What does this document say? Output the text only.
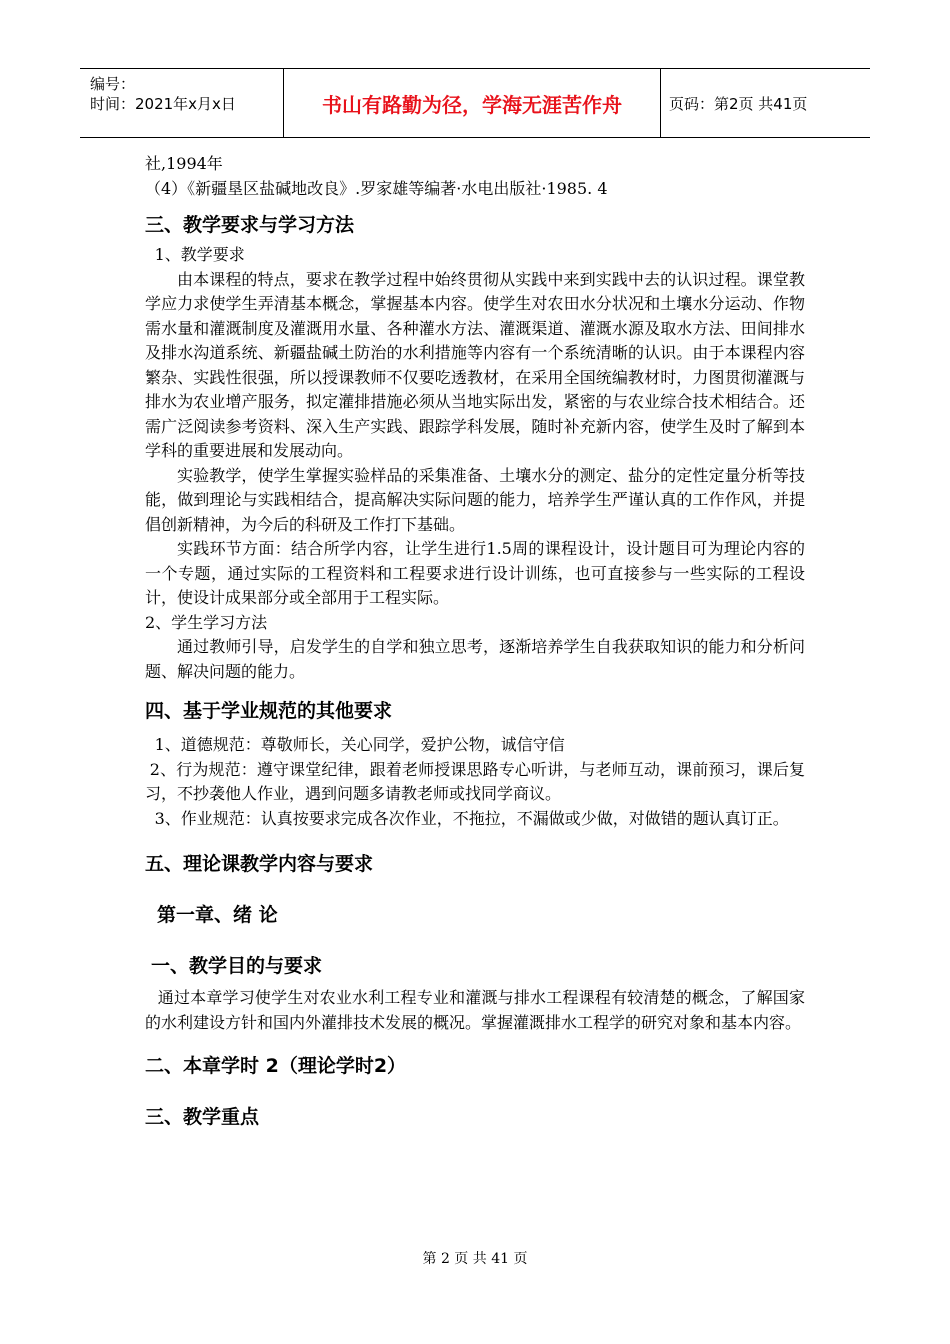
编号：
时间：2021年x月x日	书山有路勤为径，学海无涯苦作舟	页码：第2页 共41页

社,1994年

（4）《新疆垦区盐碱地改良》.罗家雄等编著·水电出版社·1985. 4

三、教学要求与学习方法

1、教学要求

由本课程的特点，要求在教学过程中始终贯彻从实践中来到实践中去的认识过程。课堂教学应力求使学生弄清基本概念，掌握基本内容。使学生对农田水分状况和土壤水分运动、作物需水量和灌溉制度及灌溉用水量、各种灌水方法、灌溉渠道、灌溉水源及取水方法、田间排水及排水沟道系统、新疆盐碱土防治的水利措施等内容有一个系统清晰的认识。由于本课程内容繁杂、实践性很强，所以授课教师不仅要吃透教材，在采用全国统编教材时，力图贯彻灌溉与排水为农业增产服务，拟定灌排措施必须从当地实际出发，紧密的与农业综合技术相结合。还需广泛阅读参考资料、深入生产实践、跟踪学科发展，随时补充新内容，使学生及时了解到本学科的重要进展和发展动向。

实验教学，使学生掌握实验样品的采集准备、土壤水分的测定、盐分的定性定量分析等技能，做到理论与实践相结合，提高解决实际问题的能力，培养学生严谨认真的工作作风，并提倡创新精神，为今后的科研及工作打下基础。

实践环节方面：结合所学内容，让学生进行1.5周的课程设计，设计题目可为理论内容的一个专题，通过实际的工程资料和工程要求进行设计训练，也可直接参与一些实际的工程设计，使设计成果部分或全部用于工程实际。

2、学生学习方法

通过教师引导，启发学生的自学和独立思考，逐渐培养学生自我获取知识的能力和分析问题、解决问题的能力。

四、基于学业规范的其他要求

1、道德规范：尊敬师长，关心同学，爱护公物，诚信守信

2、行为规范：遵守课堂纪律，跟着老师授课思路专心听讲，与老师互动，课前预习，课后复习，不抄袭他人作业，遇到问题多请教老师或找同学商议。

3、作业规范：认真按要求完成各次作业，不拖拉，不漏做或少做，对做错的题认真订正。

五、理论课教学内容与要求
第一章、绪 论
一、教学目的与要求

通过本章学习使学生对农业水利工程专业和灌溉与排水工程课程有较清楚的概念，了解国家的水利建设方针和国内外灌排技术发展的概况。掌握灌溉排水工程学的研究对象和基本内容。

二、本章学时 2（理论学时2）
三、教学重点
第 2 页 共 41 页
